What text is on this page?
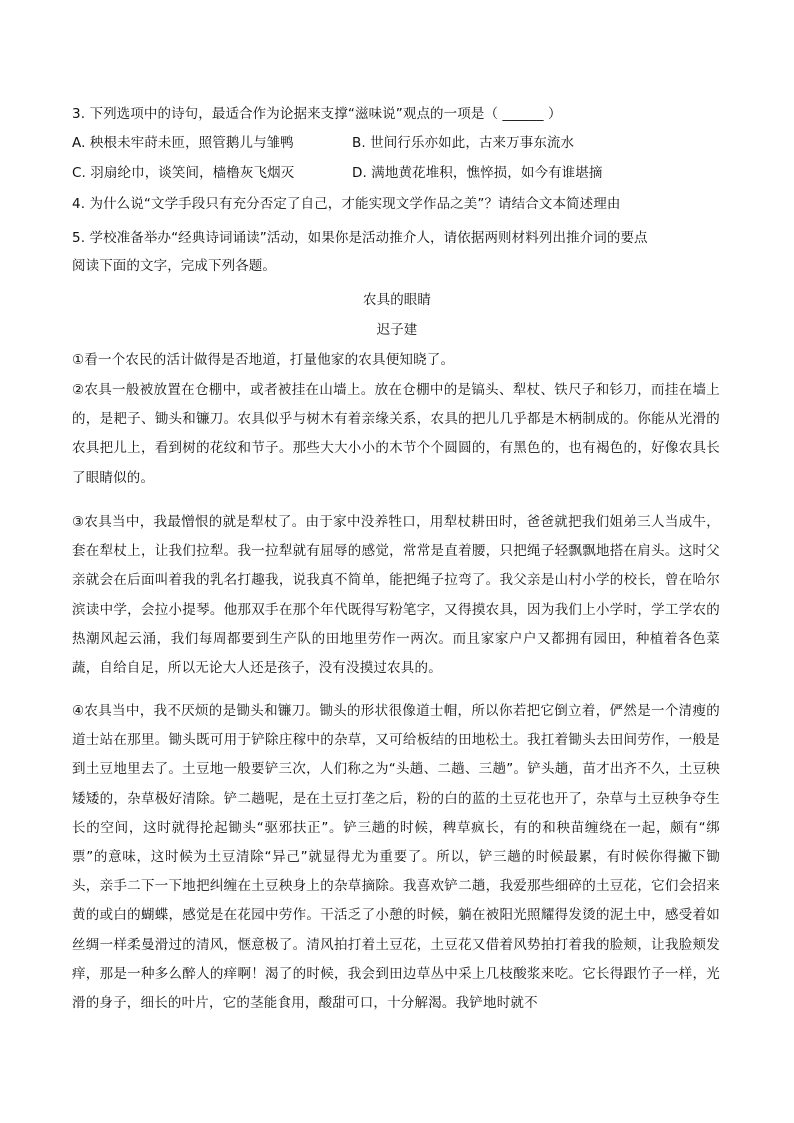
3. 下列选项中的诗句，最适合作为论据来支撑“滋味说”观点的一项是（ ______ ）
A. 秧根未牢莳未匝，照管鹅儿与雏鸭	B. 世间行乐亦如此，古来万事东流水
C. 羽扇纶巾，谈笑间，樯橹灰飞烟灭	D. 满地黄花堆积，憔悴损，如今有谁堪摘
4. 为什么说“文学手段只有充分否定了自己，才能实现文学作品之美”？请结合文本简述理由
5. 学校准备举办“经典诗词诵读”活动，如果你是活动推介人，请依据两则材料列出推介词的要点
阅读下面的文字，完成下列各题。
农具的眼睛
迟子建
①看一个农民的活计做得是否地道，打量他家的农具便知晓了。
②农具一般被放置在仓棚中，或者被挂在山墙上。放在仓棚中的是镐头、犁杖、铁尺子和钐刀，而挂在墙上的，是耙子、锄头和镰刀。农具似乎与树木有着亲缘关系，农具的把儿几乎都是木柄制成的。你能从光滑的农具把儿上，看到树的花纹和节子。那些大大小小的木节个个圆圆的，有黑色的，也有褐色的，好像农具长了眼睛似的。
③农具当中，我最憎恨的就是犁杖了。由于家中没养牲口，用犁杖耕田时，爸爸就把我们姐弟三人当成牛，套在犁杖上，让我们拉犁。我一拉犁就有屈辱的感觉，常常是直着腰，只把绳子轻飘飘地搭在肩头。这时父亲就会在后面叫着我的乳名打趣我，说我真不简单，能把绳子拉弯了。我父亲是山村小学的校长，曾在哈尔滨读中学，会拉小提琴。他那双手在那个年代既得写粉笔字，又得摸农具，因为我们上小学时，学工学农的热潮风起云涌，我们每周都要到生产队的田地里劳作一两次。而且家家户户又都拥有园田，种植着各色菜蔬，自给自足，所以无论大人还是孩子，没有没摸过农具的。
④农具当中，我不厌烦的是锄头和镰刀。锄头的形状很像道士帽，所以你若把它倒立着，俨然是一个清瘦的道士站在那里。锄头既可用于铲除庄稼中的杂草，又可给板结的田地松土。我扛着锄头去田间劳作，一般是到土豆地里去了。土豆地一般要铲三次，人们称之为“头趟、二趟、三趟”。铲头趟，苗才出齐不久，土豆秧矮矮的，杂草极好清除。铲二趟呢，是在土豆打垄之后，粉的白的蓝的土豆花也开了，杂草与土豆秧争夺生长的空间，这时就得抡起锄头“驱邪扶正”。铲三趟的时候，稗草疯长，有的和秧苗缠绕在一起，颇有“绑票”的意味，这时候为土豆清除“异己”就显得尤为重要了。所以，铲三趟的时候最累，有时候你得撇下锄头，亲手二下一下地把纠缠在土豆秧身上的杂草摘除。我喜欢铲二趟，我爱那些细碎的土豆花，它们会招来黄的或白的蝴蝶，感觉是在花园中劳作。干活乏了小憩的时候，躺在被阳光照耀得发烫的泥土中，感受着如丝绸一样柔曼滑过的清风，惬意极了。清风拍打着土豆花，土豆花又借着风势拍打着我的脸颊，让我脸颊发痒，那是一种多么醉人的痒啊！渴了的时候，我会到田边草丛中采上几枝酸浆来吃。它长得跟竹子一样，光滑的身子，细长的叶片，它的茎能食用，酸甜可口，十分解渴。我铲地时就不
